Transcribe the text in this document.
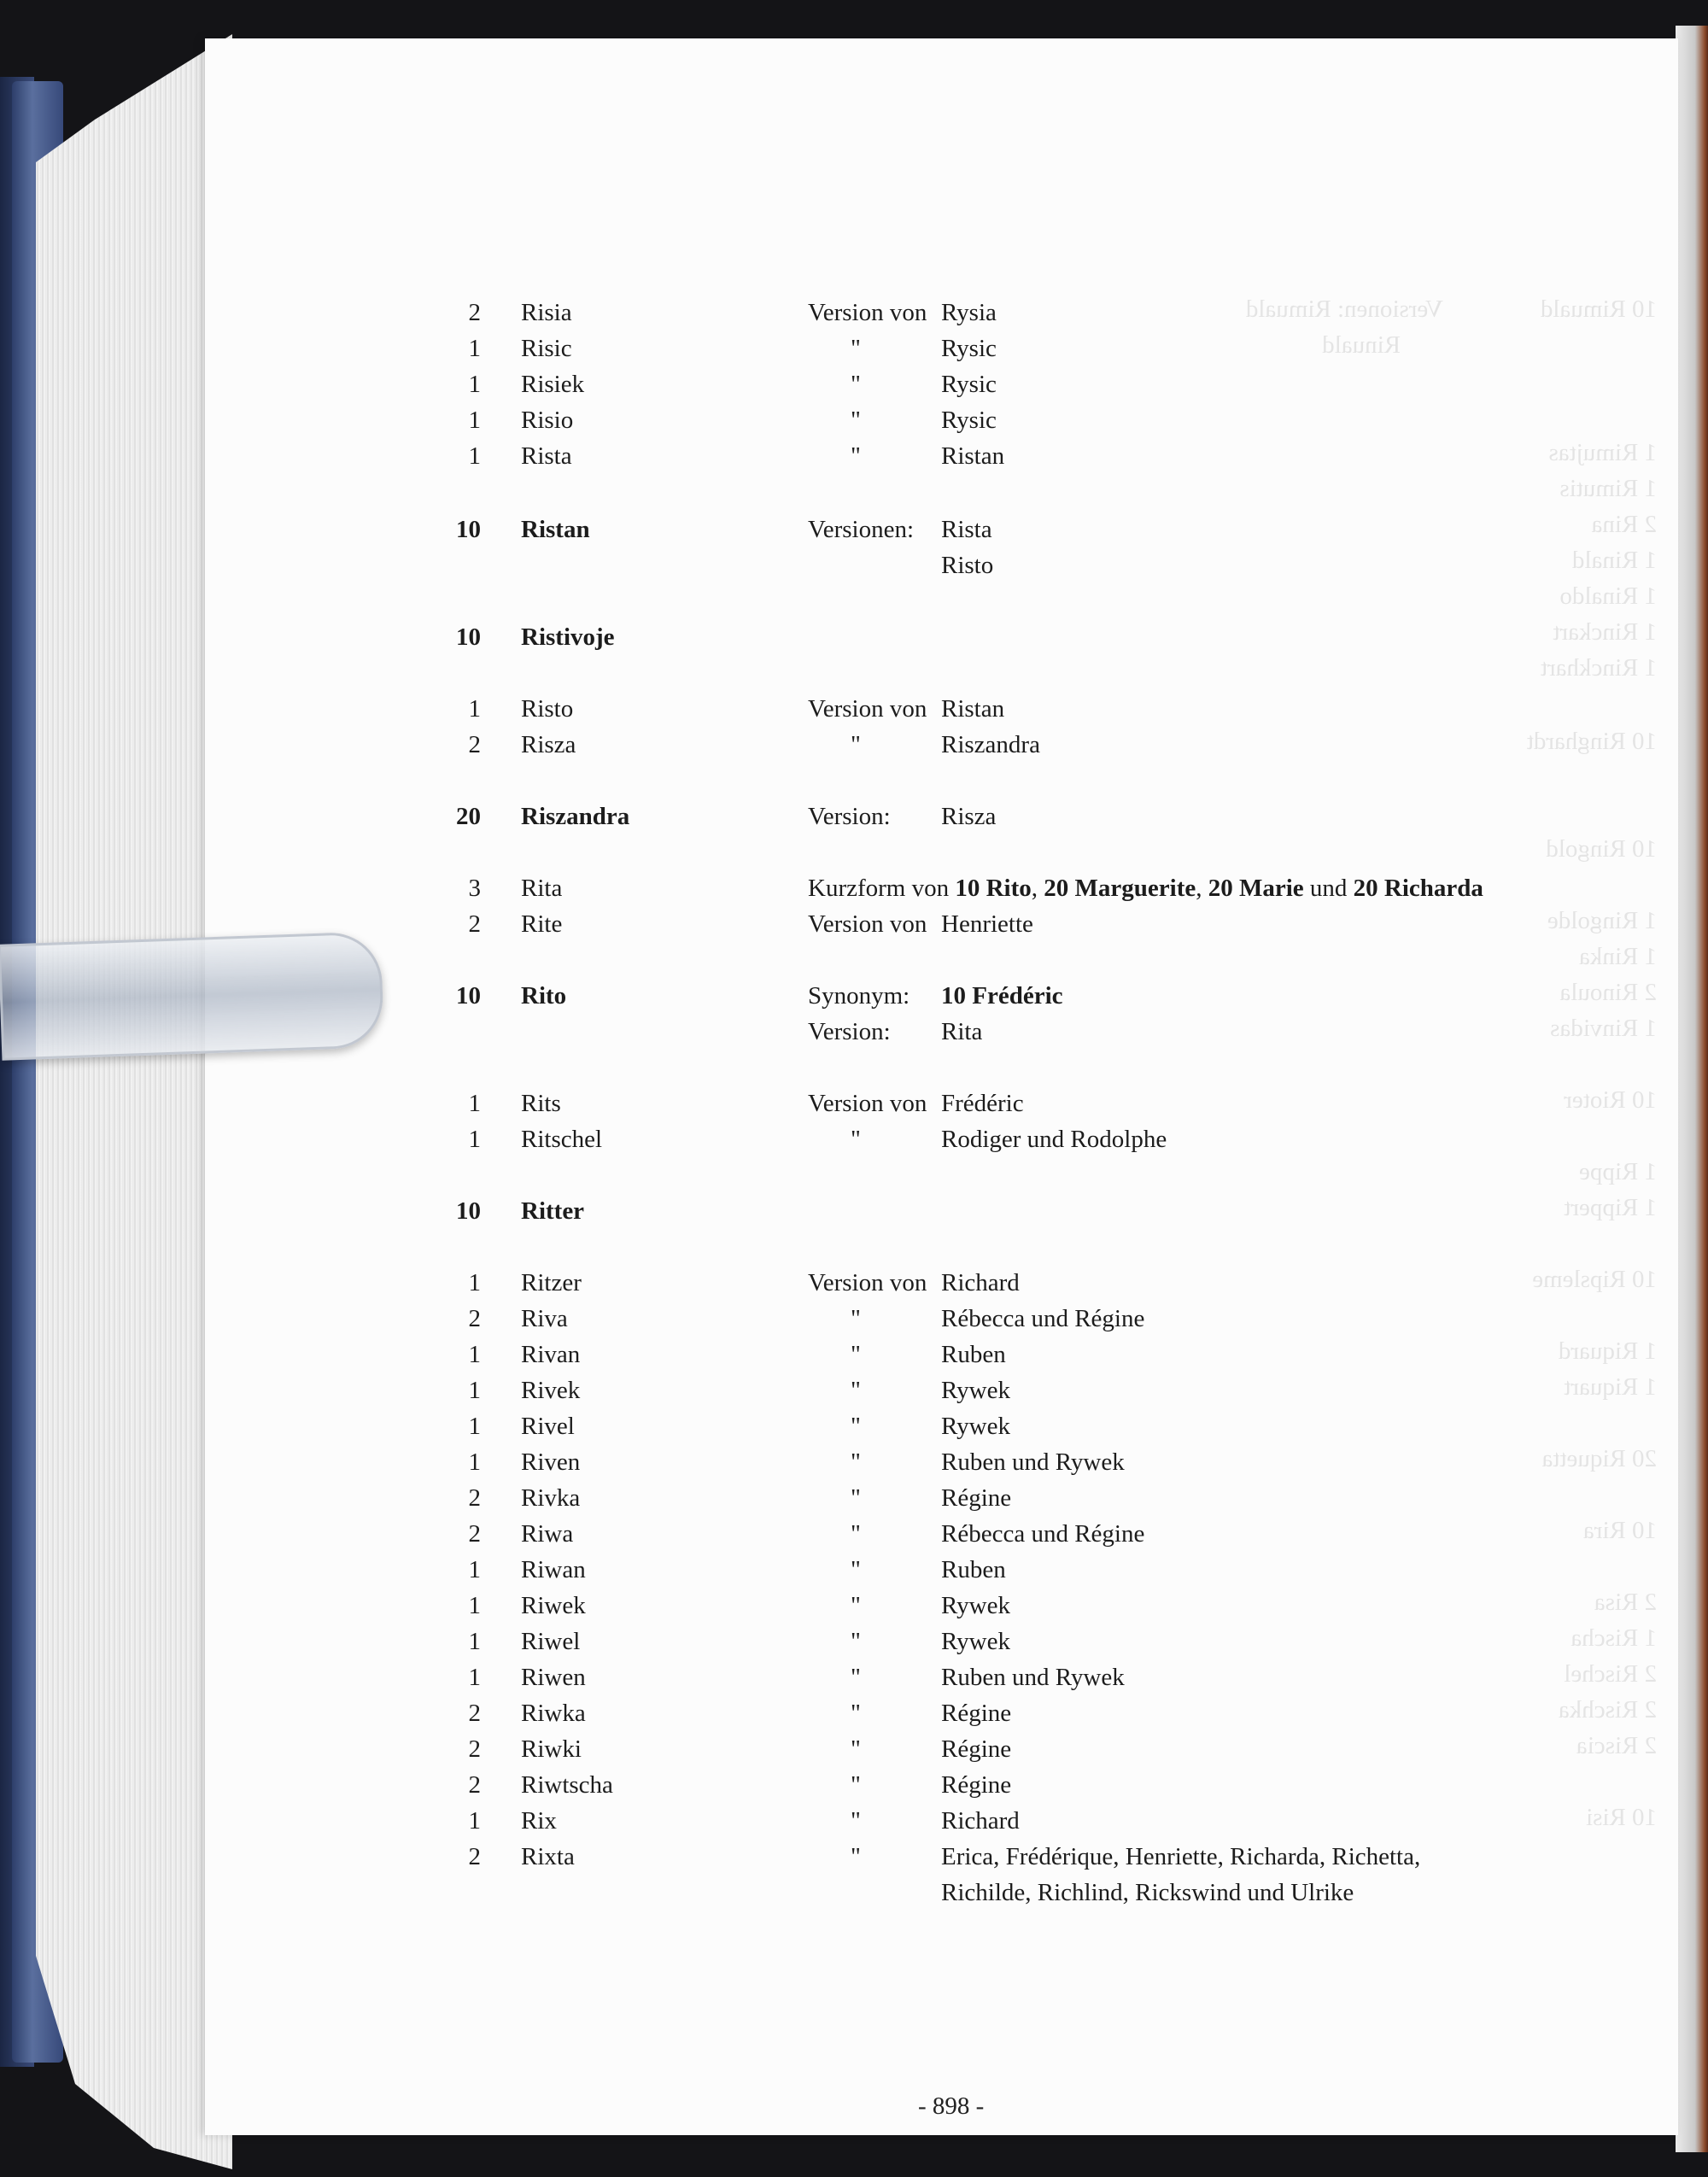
2 Risia	Version von Rysia
1 Risic	"	Rysic
1 Risiek	"	Rysic
1 Risio	"	Rysic
1 Rista	"	Ristan
10 Ristan	Versionen: Rista
Risto
10 Ristivoje
1 Risto	Version von Ristan
2 Risza	"	Riszandra
20 Riszandra	Version: Risza
3 Rita	Kurzform von 10 Rito, 20 Marguerite, 20 Marie und 20 Richarda
2 Rite	Version von Henriette
10 Rito	Synonym: 10 Frédéric
Version: Rita
1 Rits	Version von Frédéric
1 Ritschel	"	Rodiger und Rodolphe
10 Ritter
1 Ritzer	Version von Richard
2 Riva	"	Rébecca und Régine
1 Rivan	"	Ruben
1 Rivek	"	Rywek
1 Rivel	"	Rywek
1 Riven	"	Ruben und Rywek
2 Rivka	"	Régine
2 Riwa	"	Rébecca und Régine
1 Riwan	"	Ruben
1 Riwek	"	Rywek
1 Riwel	"	Rywek
1 Riwen	"	Ruben und Rywek
2 Riwka	"	Régine
2 Riwki	"	Régine
2 Riwtscha	"	Régine
1 Rix	"	Richard
2 Rixta	"	Erica, Frédérique, Henriette, Richarda, Richetta,
Richilde, Richlind, Rickswind und Ulrike
- 898 -
